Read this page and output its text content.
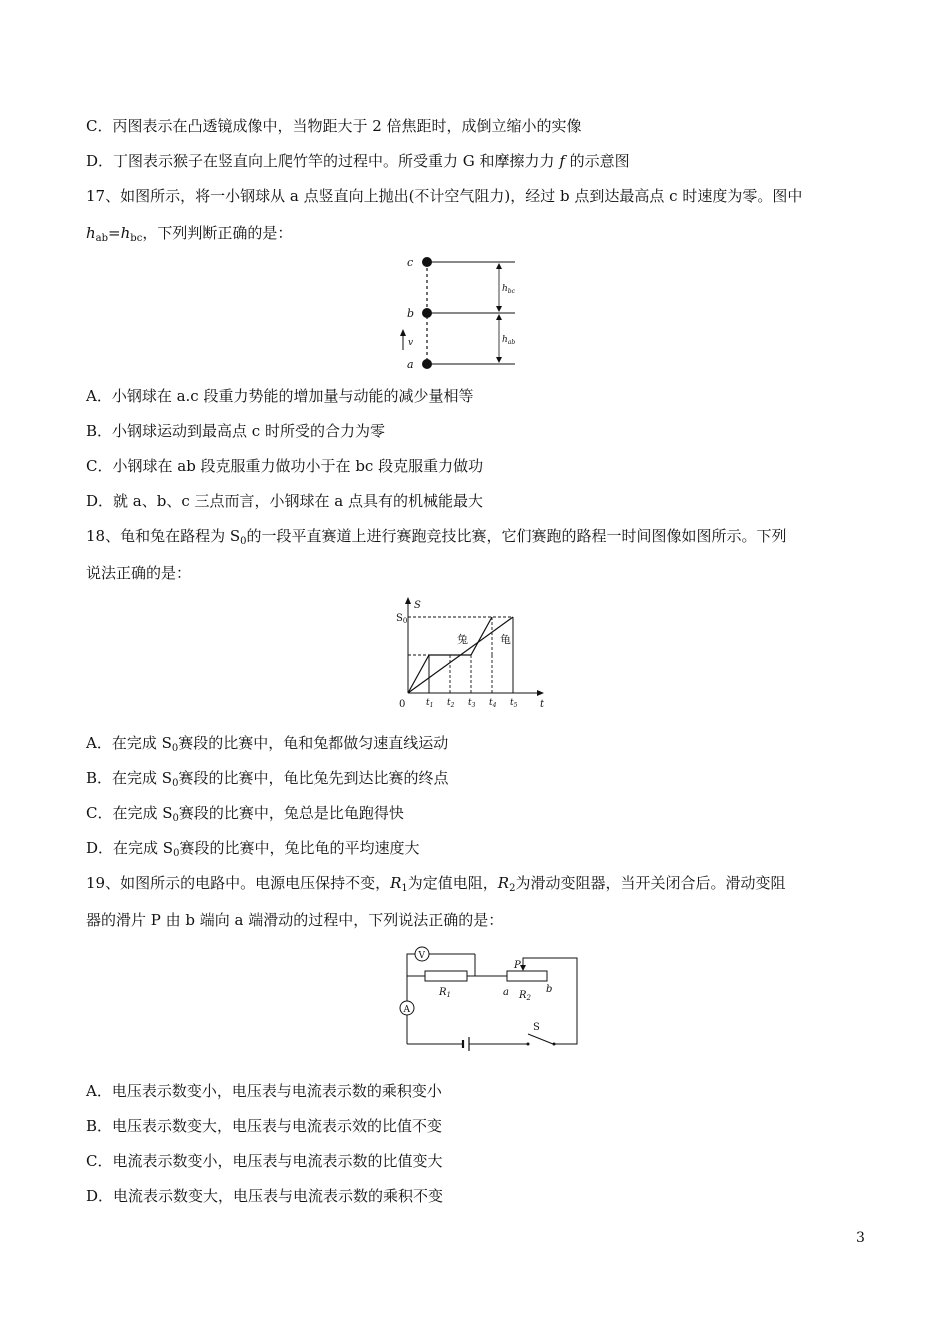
C．丙图表示在凸透镜成像中，当物距大于 2 倍焦距时，成倒立缩小的实像
D．丁图表示猴子在竖直向上爬竹竿的过程中。所受重力 G 和摩擦力力 f 的示意图
17、如图所示，将一小钢球从 a 点竖直向上抛出(不计空气阻力)，经过 b 点到达最高点 c 时速度为零。图中
$h_{ab}=h_{bc}$，下列判断正确的是：
c
b
a
v
$h_{bc}$
$h_{ab}$
A．小钢球在 a.c 段重力势能的增加量与动能的减少量相等
B．小钢球运动到最高点 c 时所受的合力为零
C．小钢球在 ab 段克服重力做功小于在 bc 段克服重力做功
D．就 a、b、c 三点而言，小钢球在 a 点具有的机械能最大
18、龟和兔在路程为 $S_0$的一段平直赛道上进行赛跑竞技比赛，它们赛跑的路程一时间图像如图所示。下列
说法正确的是：
S
t
$S_0$
0 $t_1$ $t_2$ $t_3$ $t_4$ $t_5$
兔	龟
A．在完成 $S_0$赛段的比赛中，龟和兔都做匀速直线运动
B．在完成 $S_0$赛段的比赛中，龟比兔先到达比赛的终点
C．在完成 $S_0$赛段的比赛中，兔总是比龟跑得快
D．在完成 $S_0$赛段的比赛中，兔比龟的平均速度大
19、如图所示的电路中。电源电压保持不变，$R_1$为定值电阻，$R_2$为滑动变阻器，当开关闭合后。滑动变阻
器的滑片 P 由 b 端向 a 端滑动的过程中，下列说法正确的是：
V
$R_1$	a $R_2$
b
P
S
A
A．电压表示数变小，电压表与电流表示数的乘积变小
B．电压表示数变大，电压表与电流表示效的比值不变
C．电流表示数变小，电压表与电流表示数的比值变大
D．电流表示数变大，电压表与电流表示数的乘积不变
3
